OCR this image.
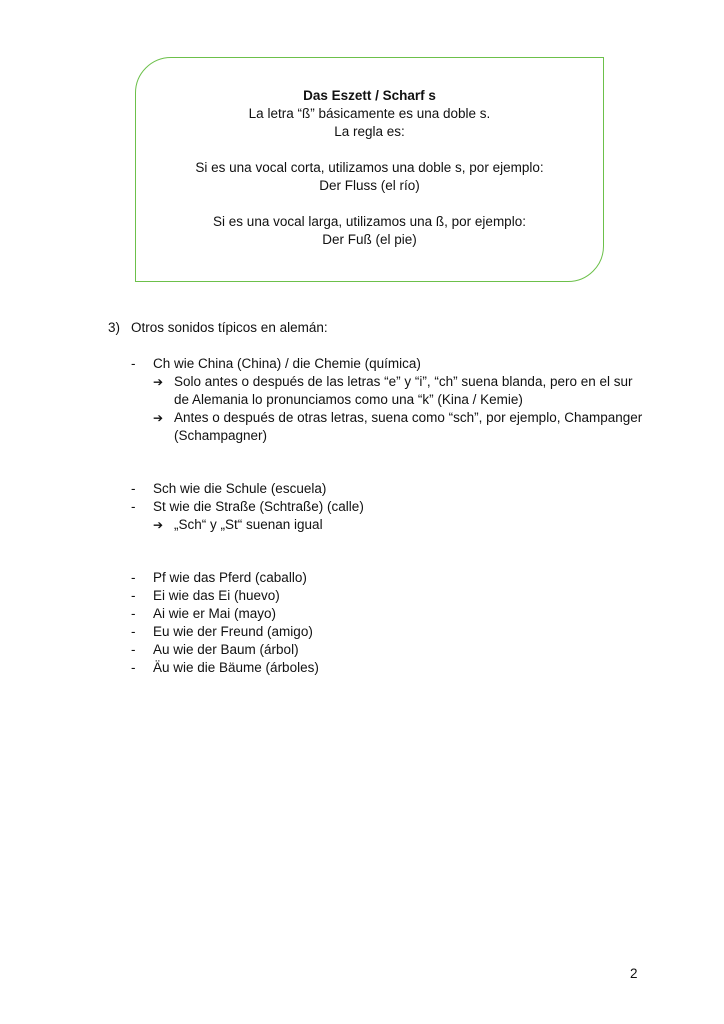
Das Eszett / Scharf s
La letra “ß” básicamente es una doble s.
La regla es:
Si es una vocal corta, utilizamos una doble s, por ejemplo:
Der Fluss (el río)
Si es una vocal larga, utilizamos una ß, por ejemplo:
Der Fuß (el pie)
3) Otros sonidos típicos en alemán:
- Ch wie China (China) / die Chemie (química)
➔ Solo antes o después de las letras “e” y “i”, “ch” suena blanda, pero en el sur
de Alemania lo pronunciamos como una “k” (Kina / Kemie)
➔ Antes o después de otras letras, suena como “sch”, por ejemplo, Champanger
(Schampagner)
- Sch wie die Schule (escuela)
- St wie die Straße (Schtraße) (calle)
➔ „Sch“ y „St“ suenan igual
- Pf wie das Pferd (caballo)
- Ei wie das Ei (huevo)
- Ai wie er Mai (mayo)
- Eu wie der Freund (amigo)
- Au wie der Baum (árbol)
- Äu wie die Bäume (árboles)
2
